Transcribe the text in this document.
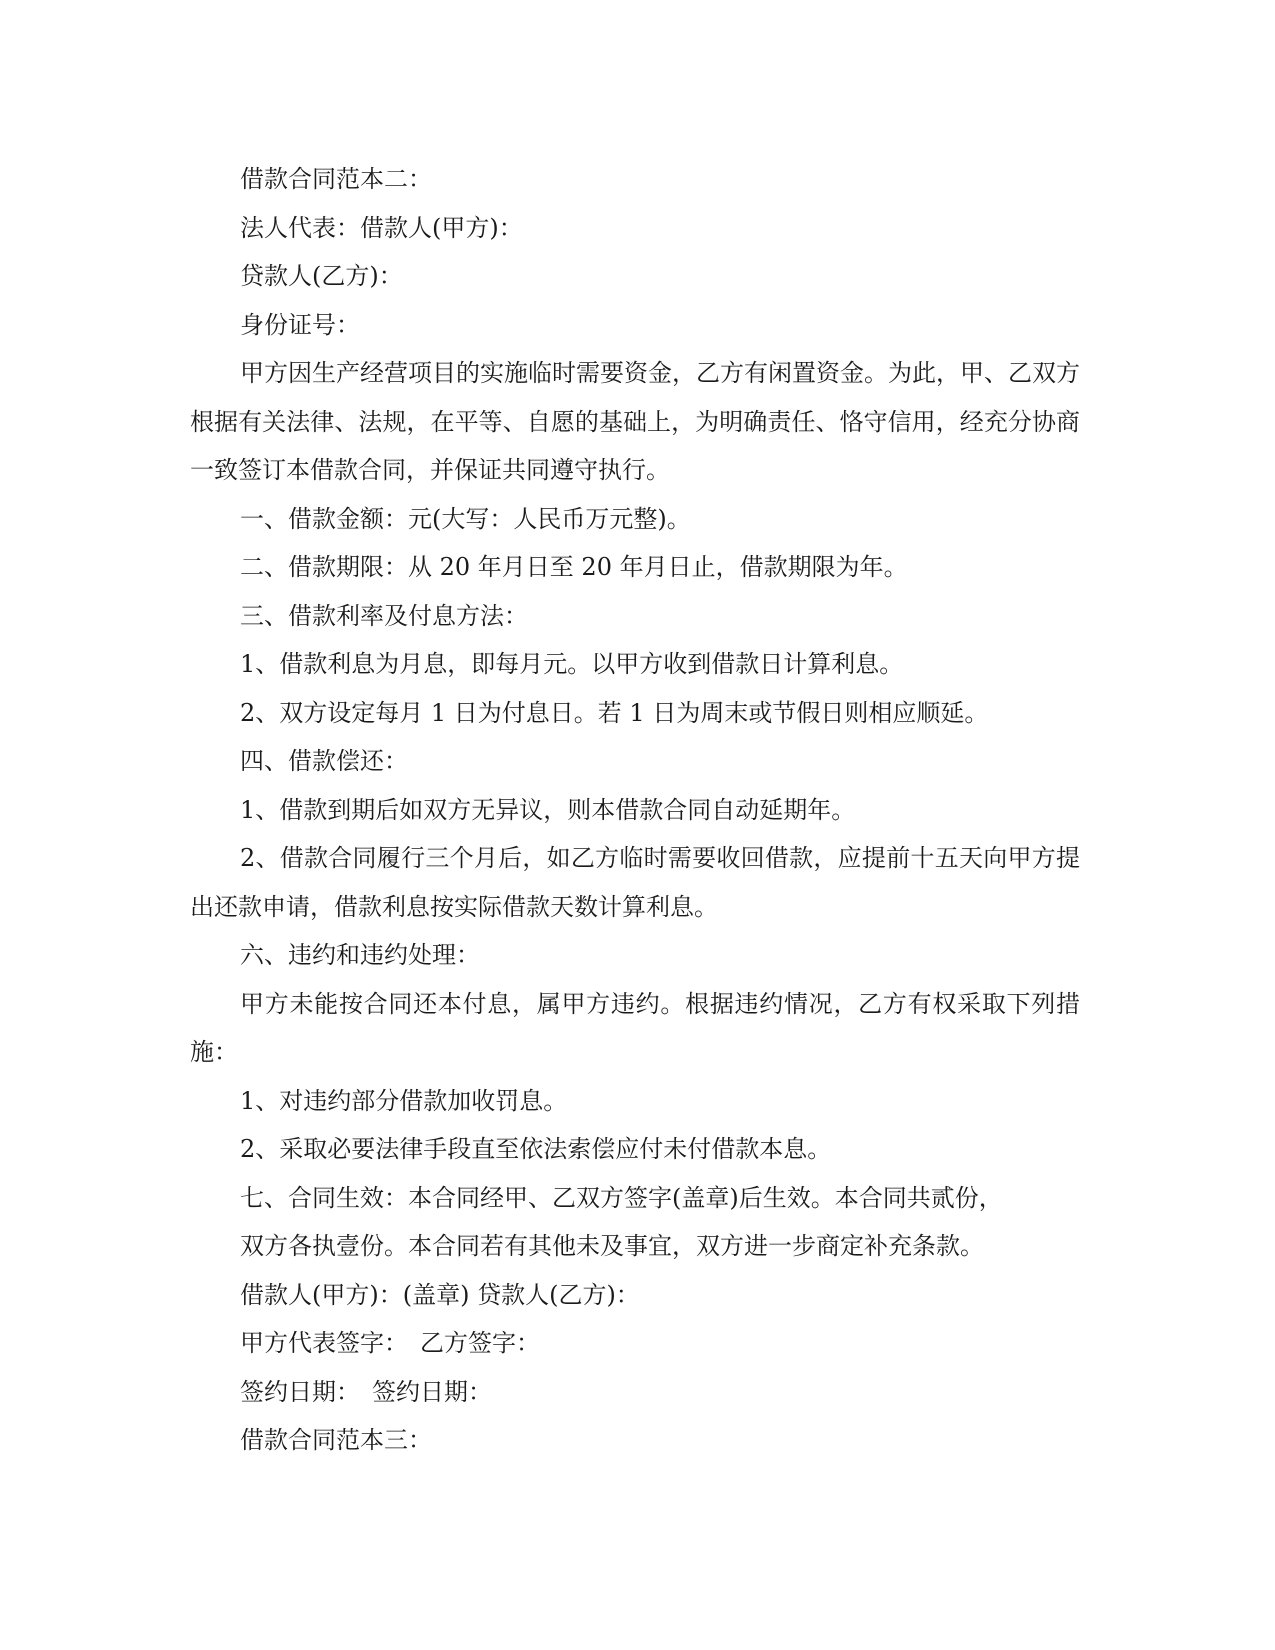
借款合同范本二：

法人代表：借款人(甲方)：

贷款人(乙方)：

身份证号：

甲方因生产经营项目的实施临时需要资金，乙方有闲置资金。为此，甲、乙双方根据有关法律、法规，在平等、自愿的基础上，为明确责任、恪守信用，经充分协商一致签订本借款合同，并保证共同遵守执行。

一、借款金额：元(大写：人民币万元整)。

二、借款期限：从 20 年月日至 20 年月日止，借款期限为年。

三、借款利率及付息方法：

1、借款利息为月息，即每月元。以甲方收到借款日计算利息。

2、双方设定每月 1 日为付息日。若 1 日为周末或节假日则相应顺延。

四、借款偿还：

1、借款到期后如双方无异议，则本借款合同自动延期年。

2、借款合同履行三个月后，如乙方临时需要收回借款，应提前十五天向甲方提出还款申请，借款利息按实际借款天数计算利息。

六、违约和违约处理：

甲方未能按合同还本付息，属甲方违约。根据违约情况，乙方有权采取下列措施：

1、对违约部分借款加收罚息。

2、采取必要法律手段直至依法索偿应付未付借款本息。

七、合同生效：本合同经甲、乙双方签字(盖章)后生效。本合同共贰份，

双方各执壹份。本合同若有其他未及事宜，双方进一步商定补充条款。

借款人(甲方)：(盖章) 贷款人(乙方)：

甲方代表签字：　乙方签字：

签约日期：　签约日期：

借款合同范本三：
